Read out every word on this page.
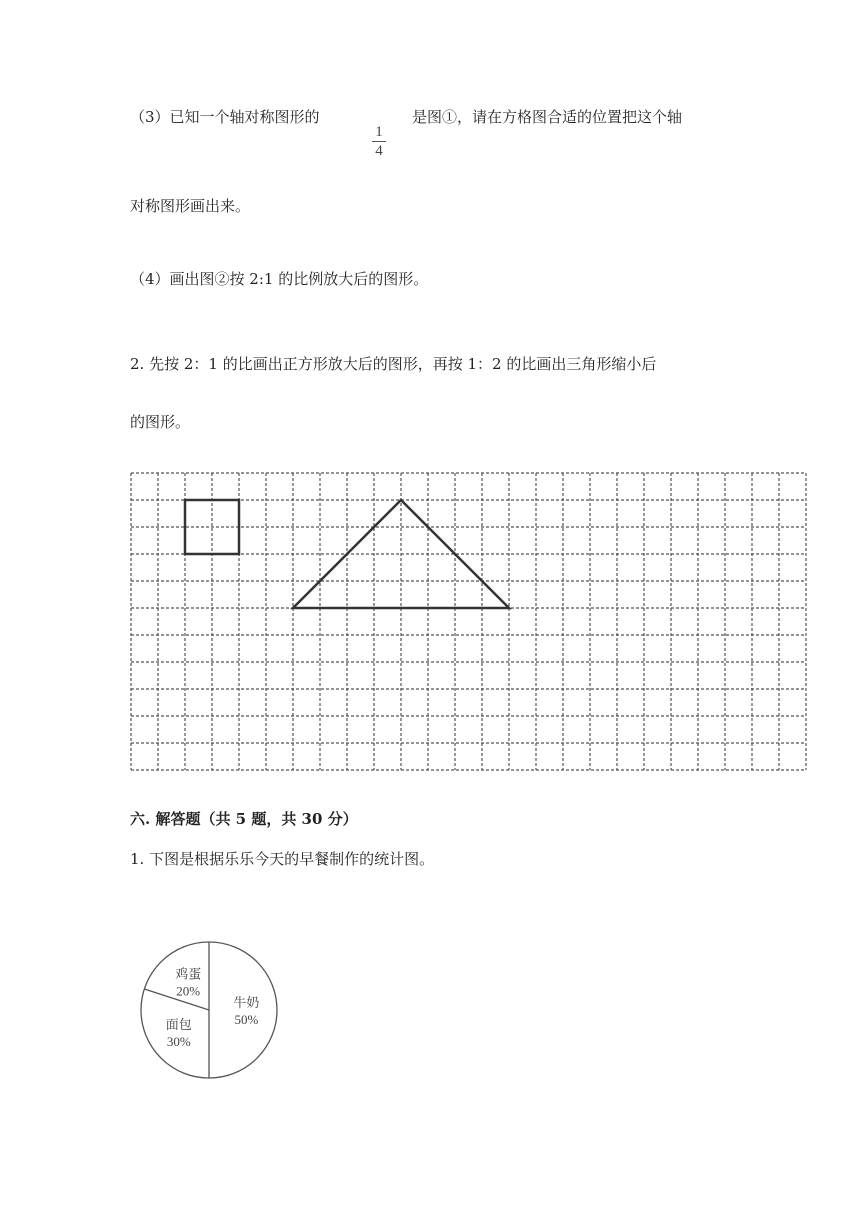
（3）已知一个轴对称图形的
1
4
是图①，请在方格图合适的位置把这个轴
对称图形画出来。
（4）画出图②按 2:1 的比例放大后的图形。
2. 先按 2：1 的比画出正方形放大后的图形，再按 1：2 的比画出三角形缩小后
的图形。
六. 解答题（共 5 题，共 30 分）
1. 下图是根据乐乐今天的早餐制作的统计图。
牛奶
50%
面包
30%
鸡蛋
20%
